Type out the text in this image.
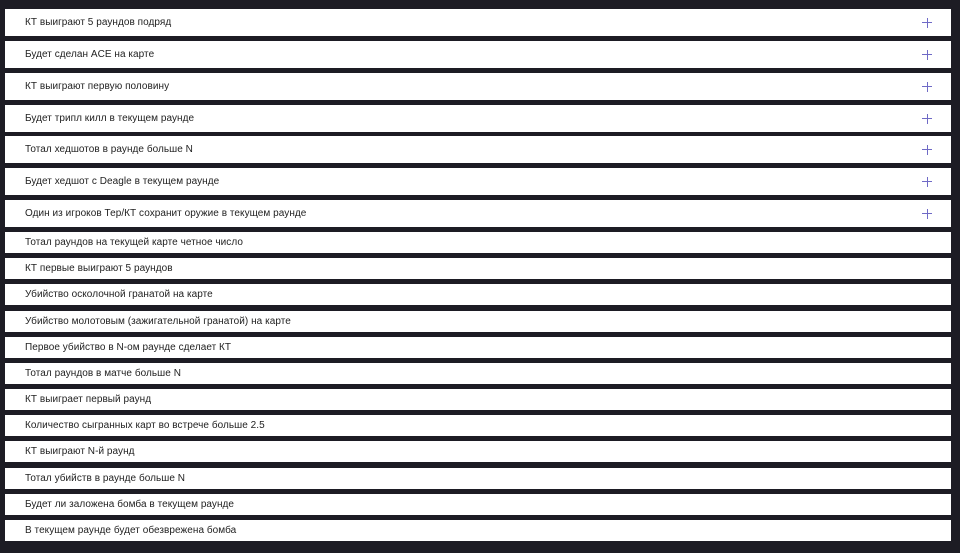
КТ выиграют 5 раундов подряд
Будет сделан ACE на карте
КТ выиграют первую половину
Будет трипл килл в текущем раунде
Тотал хедшотов в раунде больше N
Будет хедшот с Deagle в текущем раунде
Один из игроков Тер/КТ сохранит оружие в текущем раунде
Тотал раундов на текущей карте четное число
КТ первые выиграют 5 раундов
Убийство осколочной гранатой на карте
Убийство молотовым (зажигательной гранатой) на карте
Первое убийство в N-ом раунде сделает КТ
Тотал раундов в матче больше N
КТ выиграет первый раунд
Количество сыгранных карт во встрече больше 2.5
КТ выиграют N-й раунд
Тотал убийств в раунде больше N
Будет ли заложена бомба в текущем раунде
В текущем раунде будет обезврежена бомба
